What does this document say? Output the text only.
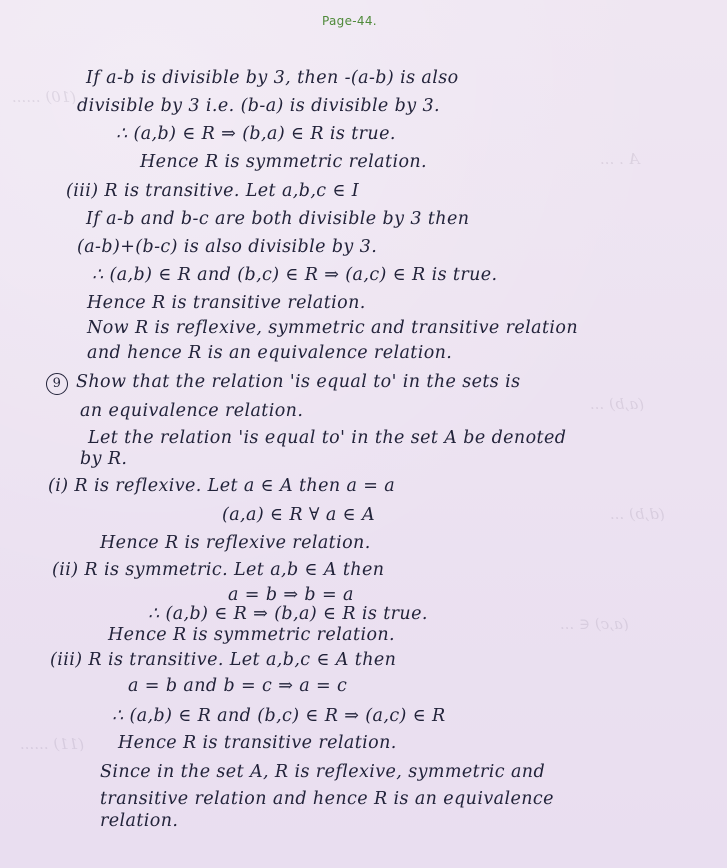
(10) ......
A . ...
(a,b) ...
(d,b) ...
(a,c) ∈ ...
(11) ......
Page-44.
If a-b is divisible by 3, then -(a-b) is also
divisible by 3 i.e. (b-a) is divisible by 3.
∴ (a,b) ∈ R ⇒ (b,a) ∈ R is true.
Hence R is symmetric relation.
(iii) R is transitive. Let a,b,c ∈ I
If a-b and b-c are both divisible by 3 then
(a-b)+(b-c) is also divisible by 3.
∴ (a,b) ∈ R and (b,c) ∈ R ⇒ (a,c) ∈ R is true.
Hence R is transitive relation.
Now R is reflexive, symmetric and transitive relation
and hence R is an equivalence relation.
9 Show that the relation 'is equal to' in the sets is
an equivalence relation.
Let the relation 'is equal to' in the set A be denoted
by R.
(i) R is reflexive. Let a ∈ A then a = a
(a,a) ∈ R ∀ a ∈ A
Hence R is reflexive relation.
(ii) R is symmetric. Let a,b ∈ A then
a = b ⇒ b = a
∴ (a,b) ∈ R ⇒ (b,a) ∈ R is true.
Hence R is symmetric relation.
(iii) R is transitive. Let a,b,c ∈ A then
a = b and b = c ⇒ a = c
∴ (a,b) ∈ R and (b,c) ∈ R ⇒ (a,c) ∈ R
Hence R is transitive relation.
Since in the set A, R is reflexive, symmetric and
transitive relation and hence R is an equivalence
relation.
